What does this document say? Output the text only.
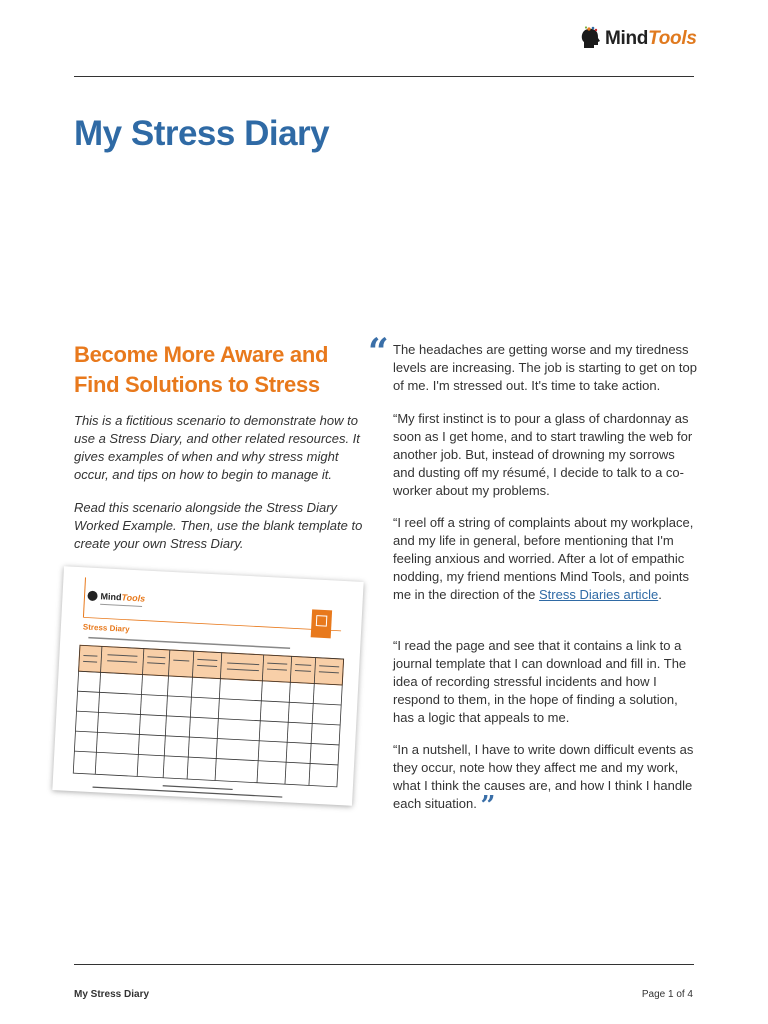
MindTools
My Stress Diary
Become More Aware and Find Solutions to Stress

This is a fictitious scenario to demonstrate how to use a Stress Diary, and other related resources. It gives examples of when and why stress might occur, and tips on how to begin to manage it.

Read this scenario alongside the Stress Diary Worked Example. Then, use the blank template to create your own Stress Diary.

MindTools
Stress Diary
“ The headaches are getting worse and my tiredness levels are increasing. The job is starting to get on top of me. I'm stressed out. It's time to take action.

“My first instinct is to pour a glass of chardonnay as soon as I get home, and to start trawling the web for another job. But, instead of drowning my sorrows and dusting off my résumé, I decide to talk to a co-worker about my problems.

“I reel off a string of complaints about my workplace, and my life in general, before mentioning that I'm feeling anxious and worried. After a lot of empathic nodding, my friend mentions Mind Tools, and points me in the direction of the Stress Diaries article.

“I read the page and see that it contains a link to a journal template that I can download and fill in. The idea of recording stressful incidents and how I respond to them, in the hope of finding a solution, has a logic that appeals to me.

“In a nutshell, I have to write down difficult events as they occur, note how they affect me and my work, what I think the causes are, and how I think I handle each situation. ”

My Stress Diary	Page 1 of 4
